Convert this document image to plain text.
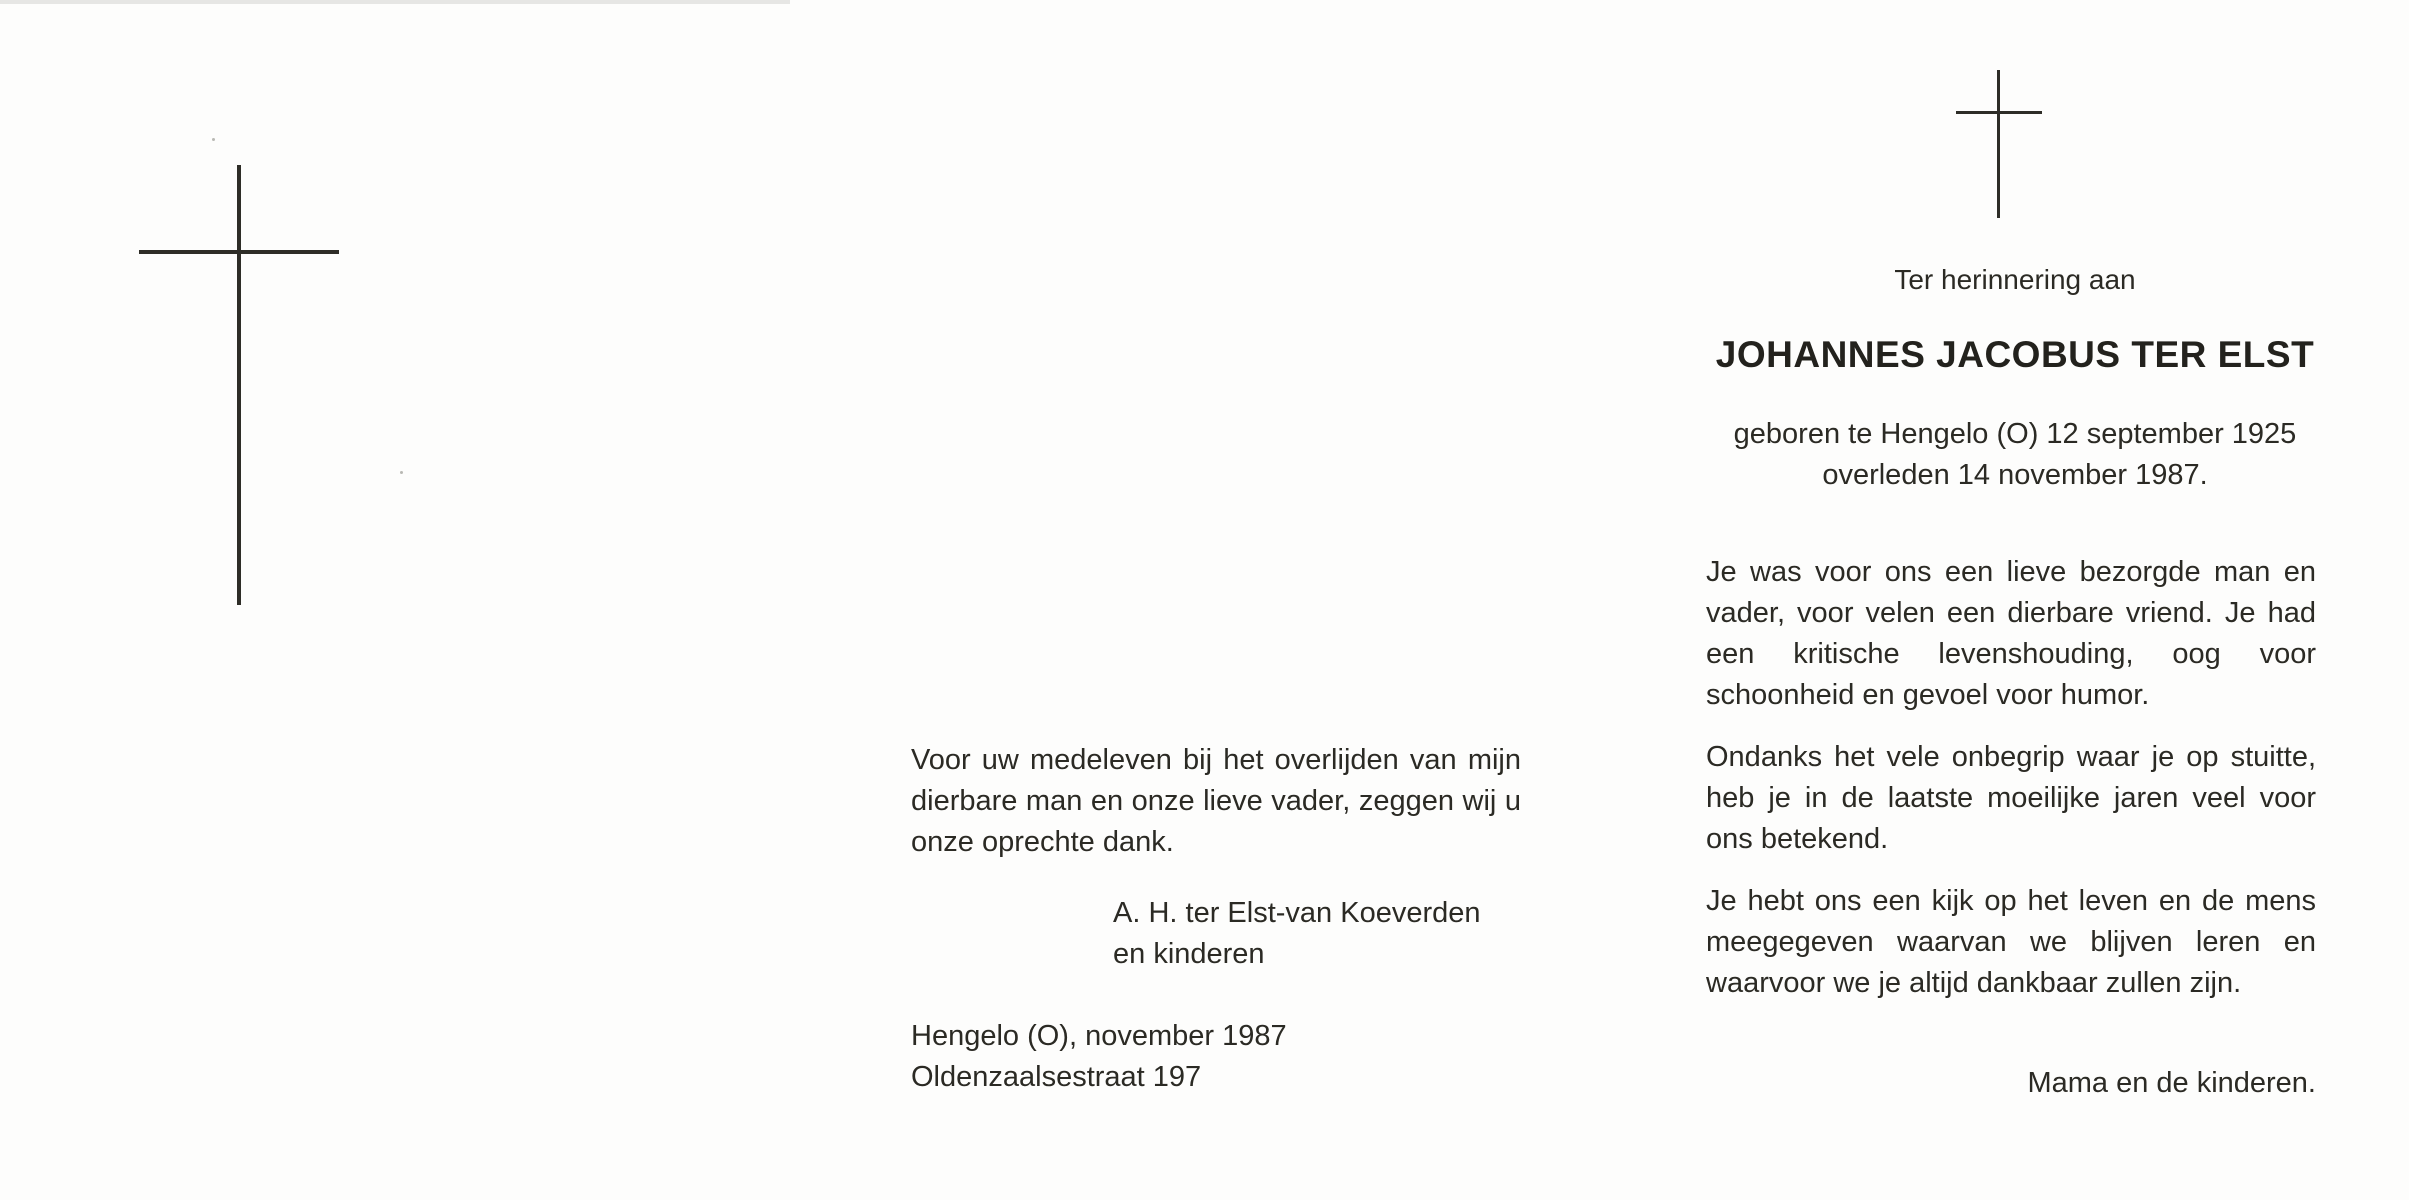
Voor uw medeleven bij het overlijden van mijn dierbare man en onze lieve vader, zeggen wij u onze oprechte dank.

A. H. ter Elst-van Koeverden
en kinderen
Hengelo (O), november 1987
Oldenzaalsestraat 197
Ter herinnering aan
JOHANNES JACOBUS TER ELST
geboren te Hengelo (O) 12 september 1925
overleden 14 november 1987.

Je was voor ons een lieve bezorgde man en vader, voor velen een dierbare vriend. Je had een kritische levenshouding, oog voor schoonheid en gevoel voor humor.

Ondanks het vele onbegrip waar je op stuitte, heb je in de laatste moeilijke jaren veel voor ons betekend.

Je hebt ons een kijk op het leven en de mens meegegeven waarvan we blijven leren en waarvoor we je altijd dankbaar zullen zijn.

Mama en de kinderen.
